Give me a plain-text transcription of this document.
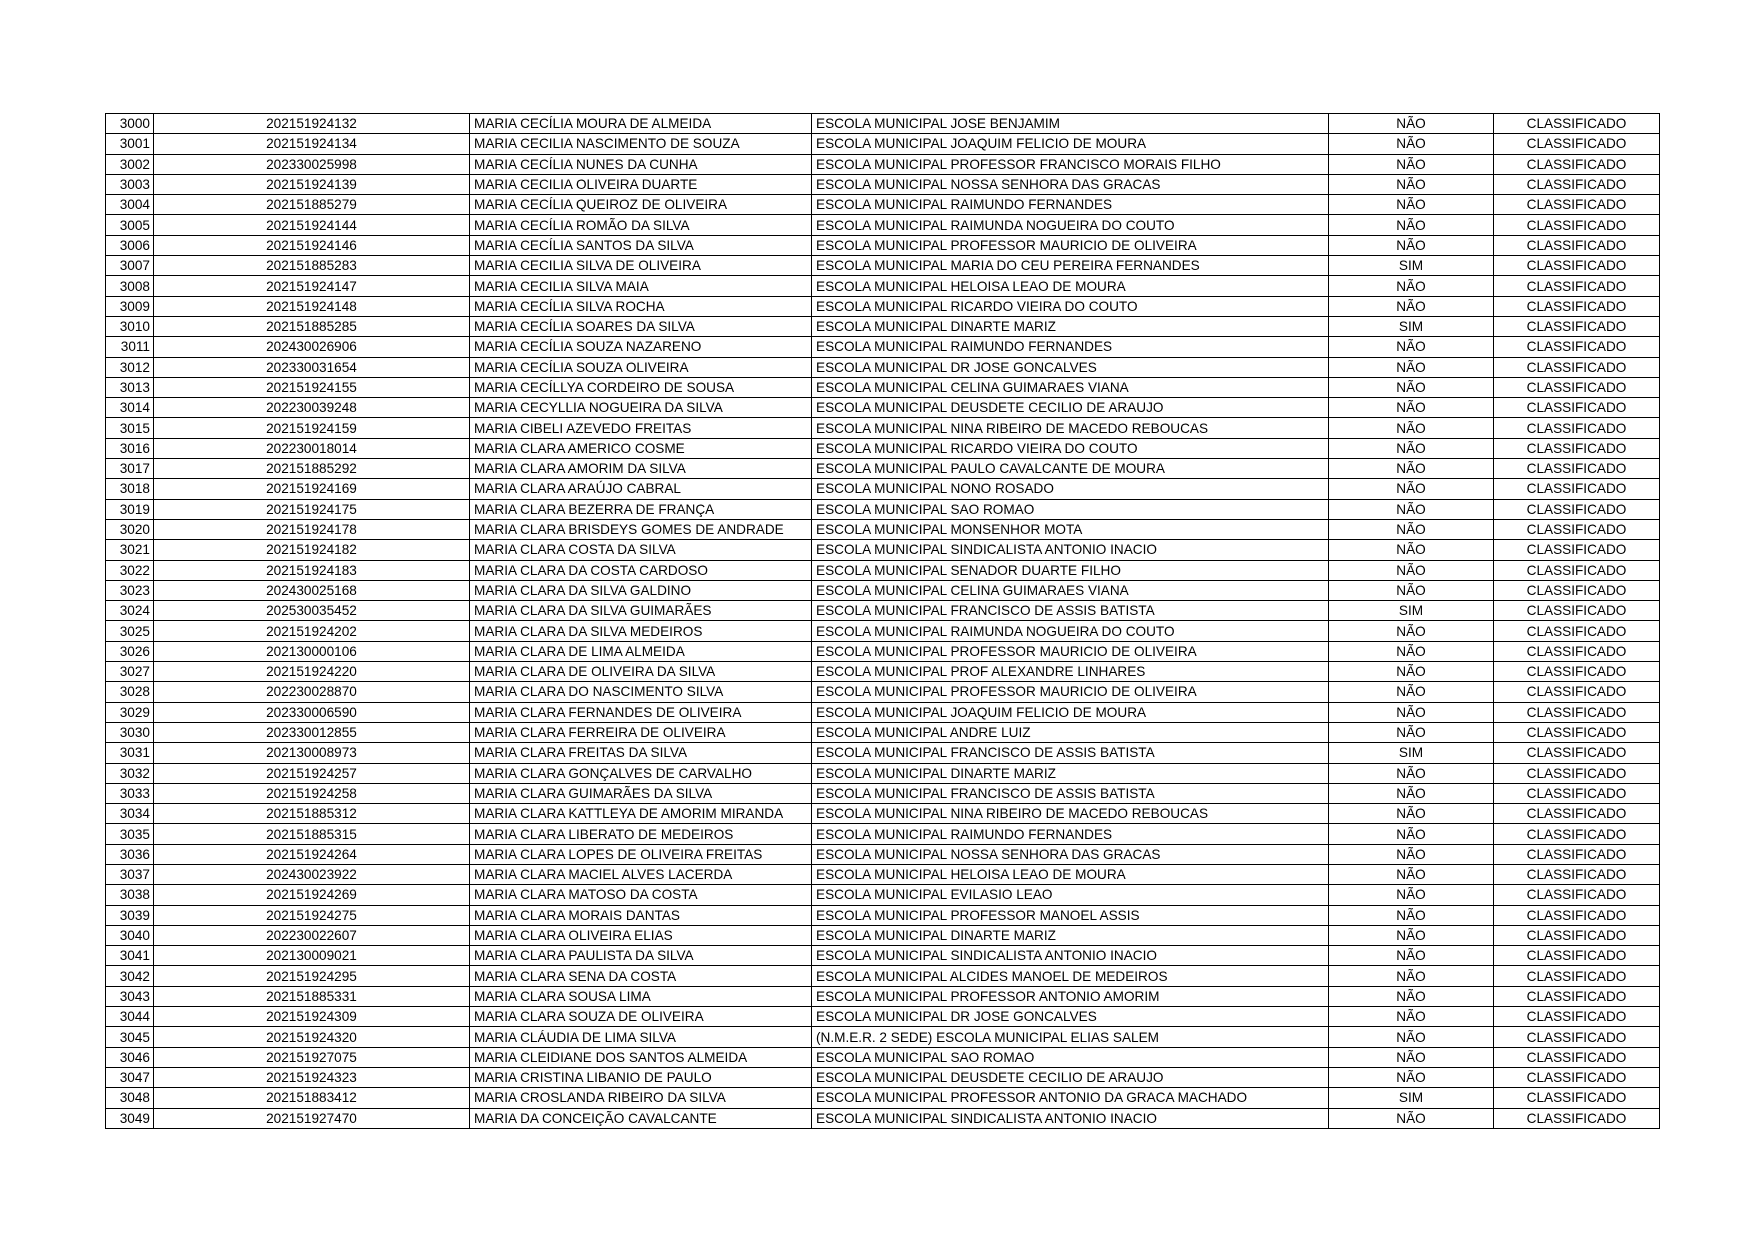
3000	202151924132	MARIA CECÍLIA MOURA DE ALMEIDA	ESCOLA MUNICIPAL JOSE BENJAMIM	NÃO	CLASSIFICADO
3001	202151924134	MARIA CECILIA NASCIMENTO DE SOUZA	ESCOLA MUNICIPAL JOAQUIM FELICIO DE MOURA	NÃO	CLASSIFICADO
3002	202330025998	MARIA CECÍLIA NUNES DA CUNHA	ESCOLA MUNICIPAL PROFESSOR FRANCISCO MORAIS FILHO	NÃO	CLASSIFICADO
3003	202151924139	MARIA CECILIA OLIVEIRA DUARTE	ESCOLA MUNICIPAL NOSSA SENHORA DAS GRACAS	NÃO	CLASSIFICADO
3004	202151885279	MARIA CECÍLIA QUEIROZ DE OLIVEIRA	ESCOLA MUNICIPAL RAIMUNDO FERNANDES	NÃO	CLASSIFICADO
3005	202151924144	MARIA CECÍLIA ROMÃO DA SILVA	ESCOLA MUNICIPAL RAIMUNDA NOGUEIRA DO COUTO	NÃO	CLASSIFICADO
3006	202151924146	MARIA CECÍLIA SANTOS DA SILVA	ESCOLA MUNICIPAL PROFESSOR MAURICIO DE OLIVEIRA	NÃO	CLASSIFICADO
3007	202151885283	MARIA CECILIA SILVA DE OLIVEIRA	ESCOLA MUNICIPAL MARIA DO CEU PEREIRA FERNANDES	SIM	CLASSIFICADO
3008	202151924147	MARIA CECILIA SILVA MAIA	ESCOLA MUNICIPAL HELOISA LEAO DE MOURA	NÃO	CLASSIFICADO
3009	202151924148	MARIA CECÍLIA SILVA ROCHA	ESCOLA MUNICIPAL RICARDO VIEIRA DO COUTO	NÃO	CLASSIFICADO
3010	202151885285	MARIA CECÍLIA SOARES DA SILVA	ESCOLA MUNICIPAL DINARTE MARIZ	SIM	CLASSIFICADO
3011	202430026906	MARIA CECÍLIA SOUZA NAZARENO	ESCOLA MUNICIPAL RAIMUNDO FERNANDES	NÃO	CLASSIFICADO
3012	202330031654	MARIA CECÍLIA SOUZA OLIVEIRA	ESCOLA MUNICIPAL DR JOSE GONCALVES	NÃO	CLASSIFICADO
3013	202151924155	MARIA CECÍLLYA CORDEIRO DE SOUSA	ESCOLA MUNICIPAL CELINA GUIMARAES VIANA	NÃO	CLASSIFICADO
3014	202230039248	MARIA CECYLLIA NOGUEIRA DA SILVA	ESCOLA MUNICIPAL DEUSDETE CECILIO DE ARAUJO	NÃO	CLASSIFICADO
3015	202151924159	MARIA CIBELI AZEVEDO FREITAS	ESCOLA MUNICIPAL NINA RIBEIRO DE MACEDO REBOUCAS	NÃO	CLASSIFICADO
3016	202230018014	MARIA CLARA AMERICO COSME	ESCOLA MUNICIPAL RICARDO VIEIRA DO COUTO	NÃO	CLASSIFICADO
3017	202151885292	MARIA CLARA AMORIM DA SILVA	ESCOLA MUNICIPAL PAULO CAVALCANTE DE MOURA	NÃO	CLASSIFICADO
3018	202151924169	MARIA CLARA ARAÚJO CABRAL	ESCOLA MUNICIPAL NONO ROSADO	NÃO	CLASSIFICADO
3019	202151924175	MARIA CLARA BEZERRA DE FRANÇA	ESCOLA MUNICIPAL SAO ROMAO	NÃO	CLASSIFICADO
3020	202151924178	MARIA CLARA BRISDEYS GOMES DE ANDRADE	ESCOLA MUNICIPAL MONSENHOR MOTA	NÃO	CLASSIFICADO
3021	202151924182	MARIA CLARA COSTA DA SILVA	ESCOLA MUNICIPAL SINDICALISTA ANTONIO INACIO	NÃO	CLASSIFICADO
3022	202151924183	MARIA CLARA DA COSTA CARDOSO	ESCOLA MUNICIPAL SENADOR DUARTE FILHO	NÃO	CLASSIFICADO
3023	202430025168	MARIA CLARA DA SILVA GALDINO	ESCOLA MUNICIPAL CELINA GUIMARAES VIANA	NÃO	CLASSIFICADO
3024	202530035452	MARIA CLARA DA SILVA GUIMARÃES	ESCOLA MUNICIPAL FRANCISCO DE ASSIS BATISTA	SIM	CLASSIFICADO
3025	202151924202	MARIA CLARA DA SILVA MEDEIROS	ESCOLA MUNICIPAL RAIMUNDA NOGUEIRA DO COUTO	NÃO	CLASSIFICADO
3026	202130000106	MARIA CLARA DE LIMA ALMEIDA	ESCOLA MUNICIPAL PROFESSOR MAURICIO DE OLIVEIRA	NÃO	CLASSIFICADO
3027	202151924220	MARIA CLARA DE OLIVEIRA DA SILVA	ESCOLA MUNICIPAL PROF ALEXANDRE LINHARES	NÃO	CLASSIFICADO
3028	202230028870	MARIA CLARA DO NASCIMENTO SILVA	ESCOLA MUNICIPAL PROFESSOR MAURICIO DE OLIVEIRA	NÃO	CLASSIFICADO
3029	202330006590	MARIA CLARA FERNANDES DE OLIVEIRA	ESCOLA MUNICIPAL JOAQUIM FELICIO DE MOURA	NÃO	CLASSIFICADO
3030	202330012855	MARIA CLARA FERREIRA DE OLIVEIRA	ESCOLA MUNICIPAL ANDRE LUIZ	NÃO	CLASSIFICADO
3031	202130008973	MARIA CLARA FREITAS DA SILVA	ESCOLA MUNICIPAL FRANCISCO DE ASSIS BATISTA	SIM	CLASSIFICADO
3032	202151924257	MARIA CLARA GONÇALVES DE CARVALHO	ESCOLA MUNICIPAL DINARTE MARIZ	NÃO	CLASSIFICADO
3033	202151924258	MARIA CLARA GUIMARÃES DA SILVA	ESCOLA MUNICIPAL FRANCISCO DE ASSIS BATISTA	NÃO	CLASSIFICADO
3034	202151885312	MARIA CLARA KATTLEYA DE AMORIM MIRANDA	ESCOLA MUNICIPAL NINA RIBEIRO DE MACEDO REBOUCAS	NÃO	CLASSIFICADO
3035	202151885315	MARIA CLARA LIBERATO DE MEDEIROS	ESCOLA MUNICIPAL RAIMUNDO FERNANDES	NÃO	CLASSIFICADO
3036	202151924264	MARIA CLARA LOPES DE OLIVEIRA FREITAS	ESCOLA MUNICIPAL NOSSA SENHORA DAS GRACAS	NÃO	CLASSIFICADO
3037	202430023922	MARIA CLARA MACIEL ALVES LACERDA	ESCOLA MUNICIPAL HELOISA LEAO DE MOURA	NÃO	CLASSIFICADO
3038	202151924269	MARIA CLARA MATOSO DA COSTA	ESCOLA MUNICIPAL EVILASIO LEAO	NÃO	CLASSIFICADO
3039	202151924275	MARIA CLARA MORAIS DANTAS	ESCOLA MUNICIPAL PROFESSOR MANOEL ASSIS	NÃO	CLASSIFICADO
3040	202230022607	MARIA CLARA OLIVEIRA ELIAS	ESCOLA MUNICIPAL DINARTE MARIZ	NÃO	CLASSIFICADO
3041	202130009021	MARIA CLARA PAULISTA DA SILVA	ESCOLA MUNICIPAL SINDICALISTA ANTONIO INACIO	NÃO	CLASSIFICADO
3042	202151924295	MARIA CLARA SENA DA COSTA	ESCOLA MUNICIPAL ALCIDES MANOEL DE MEDEIROS	NÃO	CLASSIFICADO
3043	202151885331	MARIA CLARA SOUSA LIMA	ESCOLA MUNICIPAL PROFESSOR ANTONIO AMORIM	NÃO	CLASSIFICADO
3044	202151924309	MARIA CLARA SOUZA DE OLIVEIRA	ESCOLA MUNICIPAL DR JOSE GONCALVES	NÃO	CLASSIFICADO
3045	202151924320	MARIA CLÁUDIA DE LIMA SILVA	(N.M.E.R. 2 SEDE) ESCOLA MUNICIPAL ELIAS SALEM	NÃO	CLASSIFICADO
3046	202151927075	MARIA CLEIDIANE DOS SANTOS ALMEIDA	ESCOLA MUNICIPAL SAO ROMAO	NÃO	CLASSIFICADO
3047	202151924323	MARIA CRISTINA LIBANIO DE PAULO	ESCOLA MUNICIPAL DEUSDETE CECILIO DE ARAUJO	NÃO	CLASSIFICADO
3048	202151883412	MARIA CROSLANDA RIBEIRO DA SILVA	ESCOLA MUNICIPAL PROFESSOR ANTONIO DA GRACA MACHADO	SIM	CLASSIFICADO
3049	202151927470	MARIA DA CONCEIÇÃO CAVALCANTE	ESCOLA MUNICIPAL SINDICALISTA ANTONIO INACIO	NÃO	CLASSIFICADO
